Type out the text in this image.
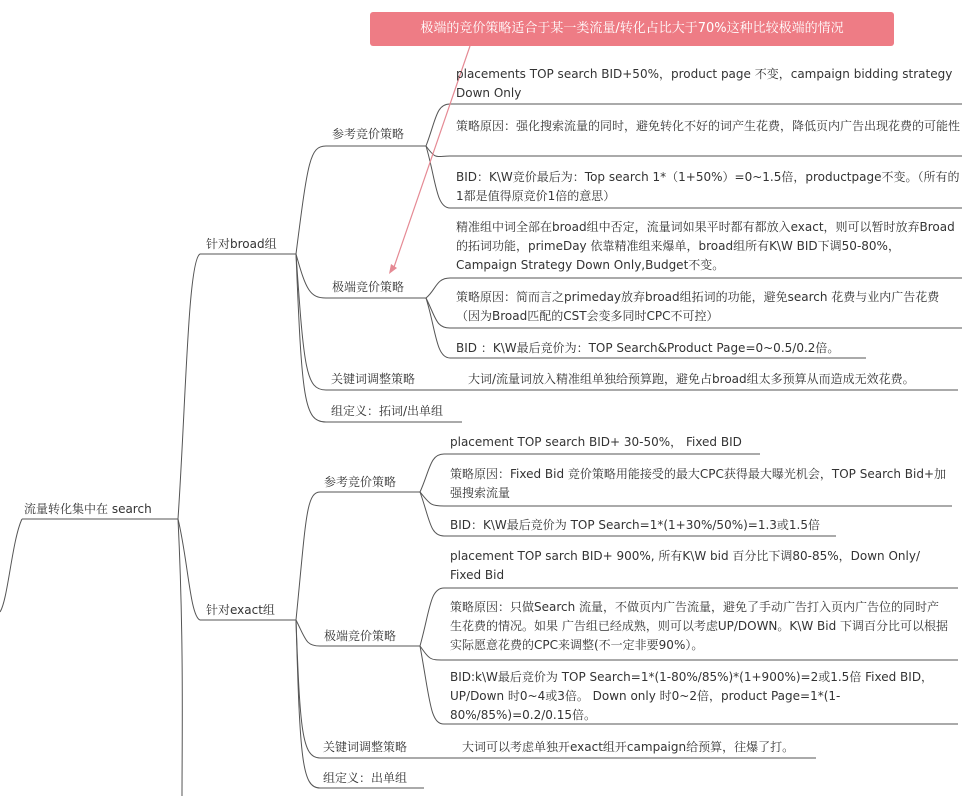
极端的竞价策略适合于某一类流量/转化占比大于70%这种比较极端的情况
流量转化集中在 search
针对broad组
参考竞价策略
极端竞价策略
关键词调整策略	大词/流量词放入精准组单独给预算跑，避免占broad组太多预算从而造成无效花费。
组定义：拓词/出单组
placements TOP search BID+50%，product page 不变，campaign bidding strategy Down Only
策略原因：强化搜索流量的同时，避免转化不好的词产生花费，降低页内广告出现花费的可能性
BID：K\W竞价最后为：Top search 1*（1+50%）=0~1.5倍，productpage不变。（所有的1都是值得原竞价1倍的意思）
精准组中词全部在broad组中否定，流量词如果平时都有都放入exact，则可以暂时放弃Broad的拓词功能，primeDay 依靠精准组来爆单，broad组所有K\W BID下调50-80%，Campaign Strategy Down Only,Budget不变。
策略原因：简而言之primeday放弃broad组拓词的功能，避免search 花费与业内广告花费（因为Broad匹配的CST会变多同时CPC不可控）
BID ：K\W最后竞价为：TOP Search&Product Page=0~0.5/0.2倍。
针对exact组
参考竞价策略
极端竞价策略
关键词调整策略	大词可以考虑单独开exact组开campaign给预算，往爆了打。
组定义：出单组
placement TOP search BID+ 30-50%， Fixed BID
策略原因：Fixed Bid 竞价策略用能接受的最大CPC获得最大曝光机会，TOP Search Bid+加强搜索流量
BID：K\W最后竞价为 TOP Search=1*(1+30%/50%)=1.3或1.5倍
placement TOP sarch BID+ 900%, 所有K\W bid 百分比下调80-85%，Down Only/ Fixed Bid
策略原因：只做Search 流量，不做页内广告流量，避免了手动广告打入页内广告位的同时产生花费的情况。如果 广告组已经成熟，则可以考虑UP/DOWN。K\W Bid 下调百分比可以根据实际愿意花费的CPC来调整(不一定非要90%）。
BID:k\W最后竞价为 TOP Search=1*(1-80%/85%)*(1+900%)=2或1.5倍 Fixed BID，UP/Down 时0~4或3倍。 Down only 时0~2倍，product Page=1*(1-80%/85%)=0.2/0.15倍。
